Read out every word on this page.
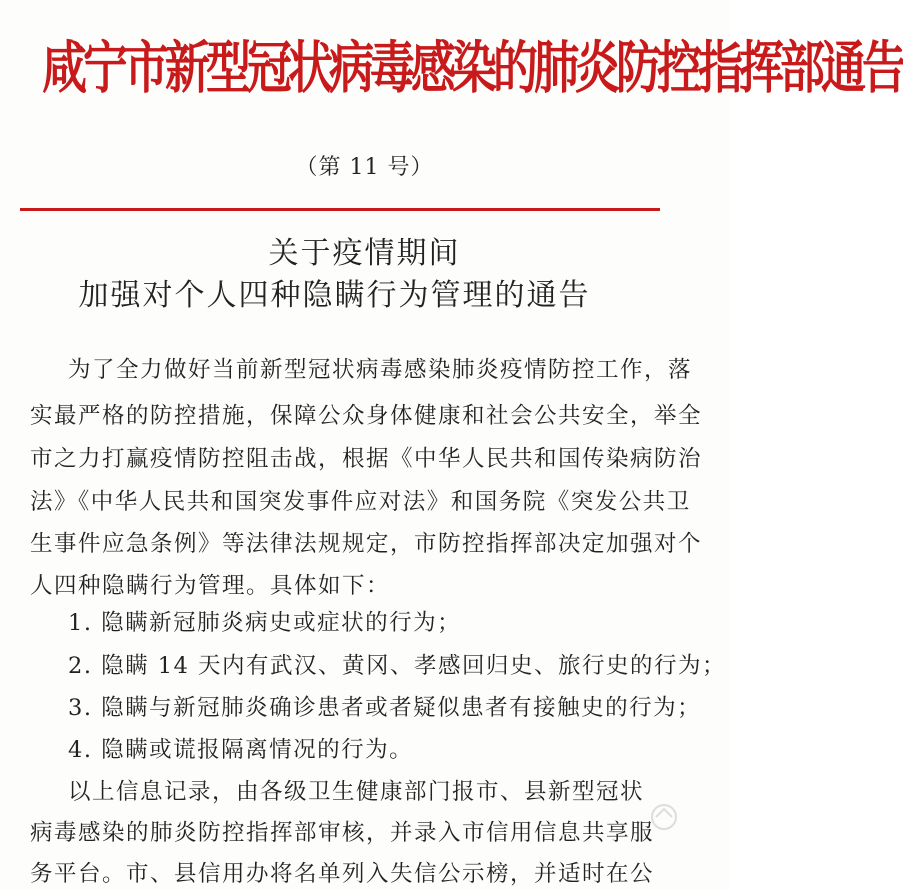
咸宁市新型冠状病毒感染的肺炎防控指挥部通告
（第 11 号）
关于疫情期间
加强对个人四种隐瞒行为管理的通告
为了全力做好当前新型冠状病毒感染肺炎疫情防控工作，落
实最严格的防控措施，保障公众身体健康和社会公共安全，举全
市之力打赢疫情防控阻击战，根据《中华人民共和国传染病防治
法》《中华人民共和国突发事件应对法》和国务院《突发公共卫
生事件应急条例》等法律法规规定，市防控指挥部决定加强对个
人四种隐瞒行为管理。具体如下：
1. 隐瞒新冠肺炎病史或症状的行为；
2. 隐瞒 14 天内有武汉、黄冈、孝感回归史、旅行史的行为；
3. 隐瞒与新冠肺炎确诊患者或者疑似患者有接触史的行为；
4. 隐瞒或谎报隔离情况的行为。
以上信息记录，由各级卫生健康部门报市、县新型冠状
病毒感染的肺炎防控指挥部审核，并录入市信用信息共享服
务平台。市、县信用办将名单列入失信公示榜，并适时在公
